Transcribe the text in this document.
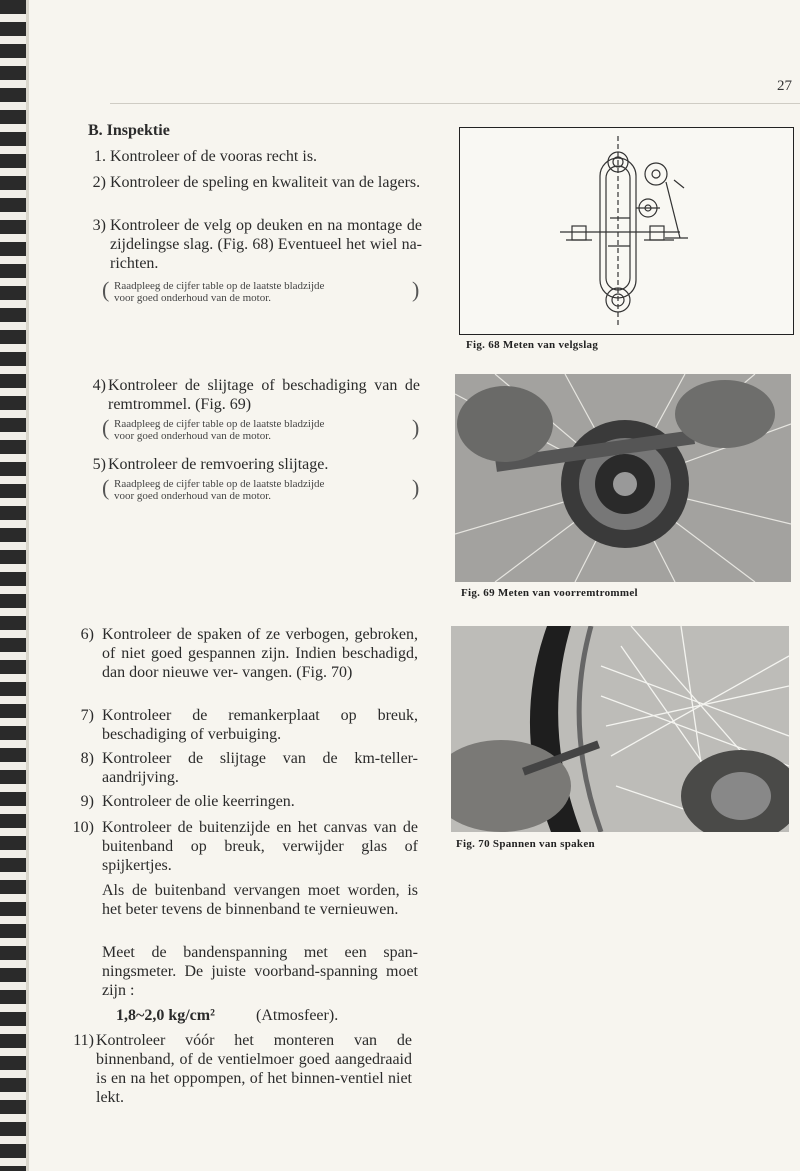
27
B. Inspektie
1. Kontroleer of de vooras recht is.
2) Kontroleer de speling en kwaliteit van de lagers.
3) Kontroleer de velg op deuken en na montage de zijdelingse slag. (Fig. 68) Eventueel het wiel na-richten.
( Raadpleeg de cijfer table op de laatste bladzijde
voor goed onderhoud van de motor.	)
4) Kontroleer de slijtage of beschadiging van de remtrommel. (Fig. 69)
( Raadpleeg de cijfer table op de laatste bladzijde
voor goed onderhoud van de motor.	)
5) Kontroleer de remvoering slijtage.
( Raadpleeg de cijfer table op de laatste bladzijde
voor goed onderhoud van de motor.	)
6) Kontroleer de spaken of ze verbogen, gebroken, of niet goed gespannen zijn. Indien beschadigd, dan door nieuwe ver- vangen. (Fig. 70)
7) Kontroleer de remankerplaat op breuk, beschadiging of verbuiging.
8) Kontroleer de slijtage van de km-teller- aandrijving.
9) Kontroleer de olie keerringen.
10) Kontroleer de buitenzijde en het canvas van de buitenband op breuk, verwijder glas of spijkertjes.
Als de buitenband vervangen moet worden, is het beter tevens de binnenband te vernieuwen.
Meet de bandenspanning met een span- ningsmeter. De juiste voorband-spanning moet zijn :
1,8~2,0 kg/cm²	(Atmosfeer).
11) Kontroleer vóór het monteren van de binnenband, of de ventielmoer goed aangedraaid is en na het oppompen, of het binnen-ventiel niet lekt.
Fig. 68 Meten van velgslag
Fig. 69 Meten van voorremtrommel
Fig. 70 Spannen van spaken
